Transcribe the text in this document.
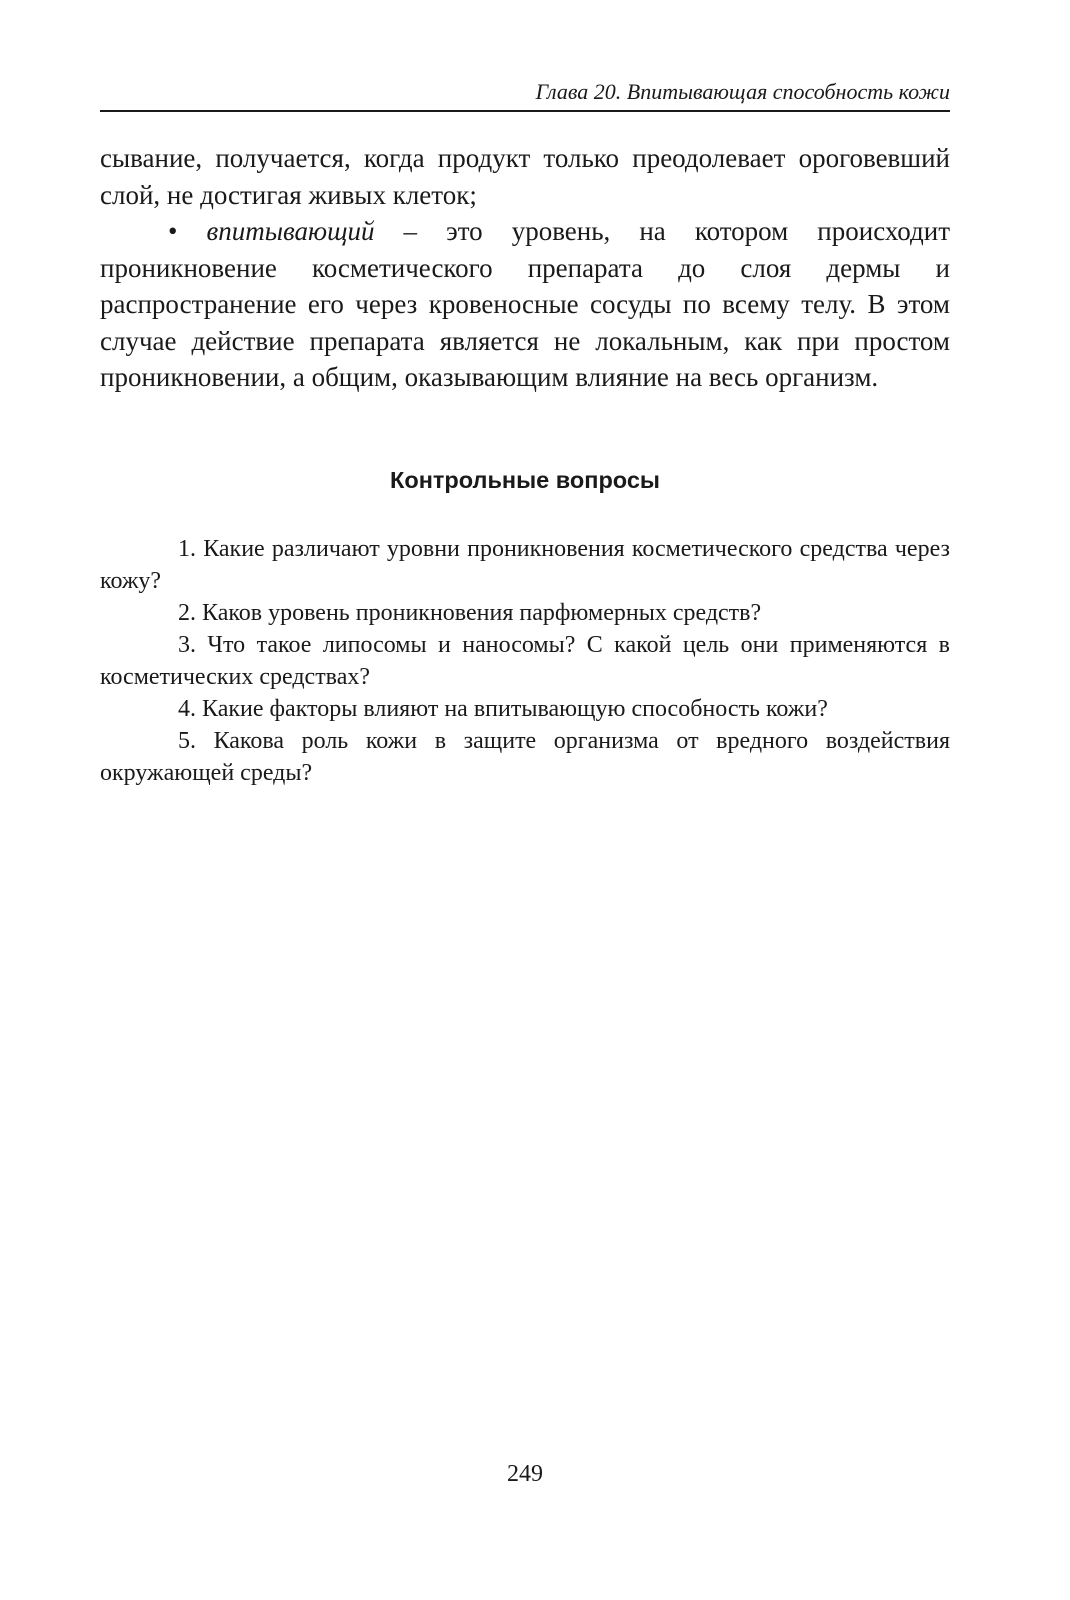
Глава 20. Впитывающая способность кожи

сывание, получается, когда продукт только преодолевает ороговевший слой, не достигая живых клеток;

• впитывающий – это уровень, на котором происходит проникновение косметического препарата до слоя дермы и распространение его через кровеносные сосуды по всему телу. В этом случае действие препарата является не локальным, как при простом проникновении, а общим, оказывающим влияние на весь организм.

Контрольные вопросы
1. Какие различают уровни проникновения косметического средства через кожу?
2. Каков уровень проникновения парфюмерных средств?
3. Что такое липосомы и наносомы? С какой цель они применяются в косметических средствах?
4. Какие факторы влияют на впитывающую способность кожи?
5. Какова роль кожи в защите организма от вредного воздействия окружающей среды?
249
